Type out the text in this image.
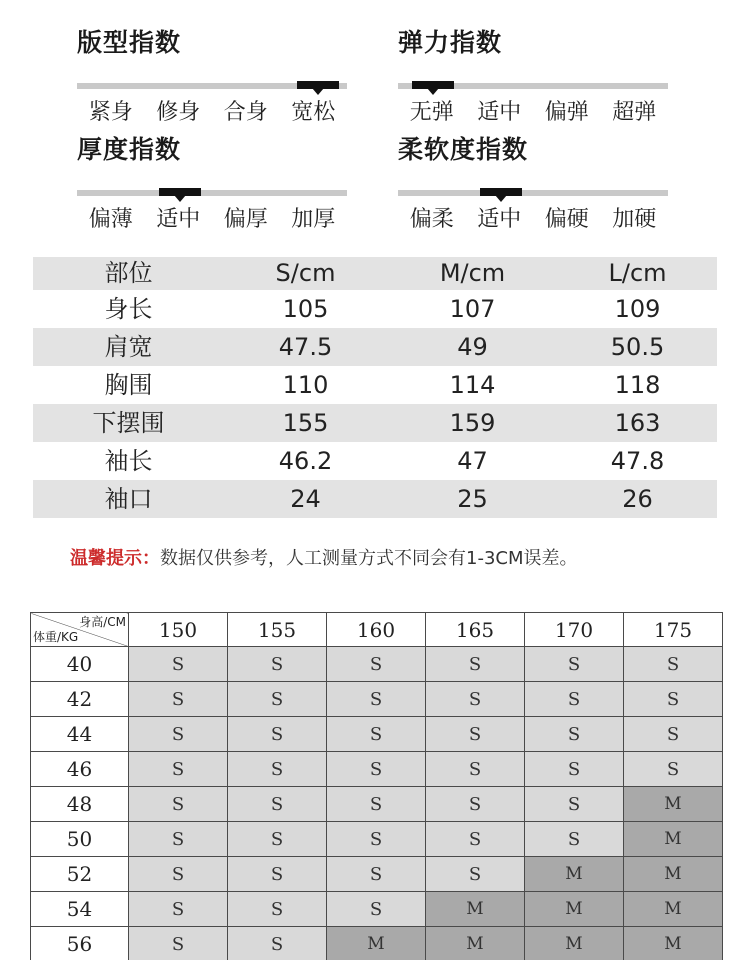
版型指数
紧身	修身	合身	宽松
弹力指数
无弹	适中	偏弹	超弹
厚度指数
偏薄	适中	偏厚	加厚
柔软度指数
偏柔	适中	偏硬	加硬
部位	S/cm	M/cm	L/cm
身长	105	107	109
肩宽	47.5	49	50.5
胸围	110	114	118
下摆围	155	159	163
袖长	46.2	47	47.8
袖口	24	25	26
温馨提示：数据仅供参考，人工测量方式不同会有1-3CM误差。
身高/CM
体重/KG	150	155	160	165	170	175
40	S	S	S	S	S	S
42	S	S	S	S	S	S
44	S	S	S	S	S	S
46	S	S	S	S	S	S
48	S	S	S	S	S	M
50	S	S	S	S	S	M
52	S	S	S	S	M	M
54	S	S	S	M	M	M
56	S	S	M	M	M	M
